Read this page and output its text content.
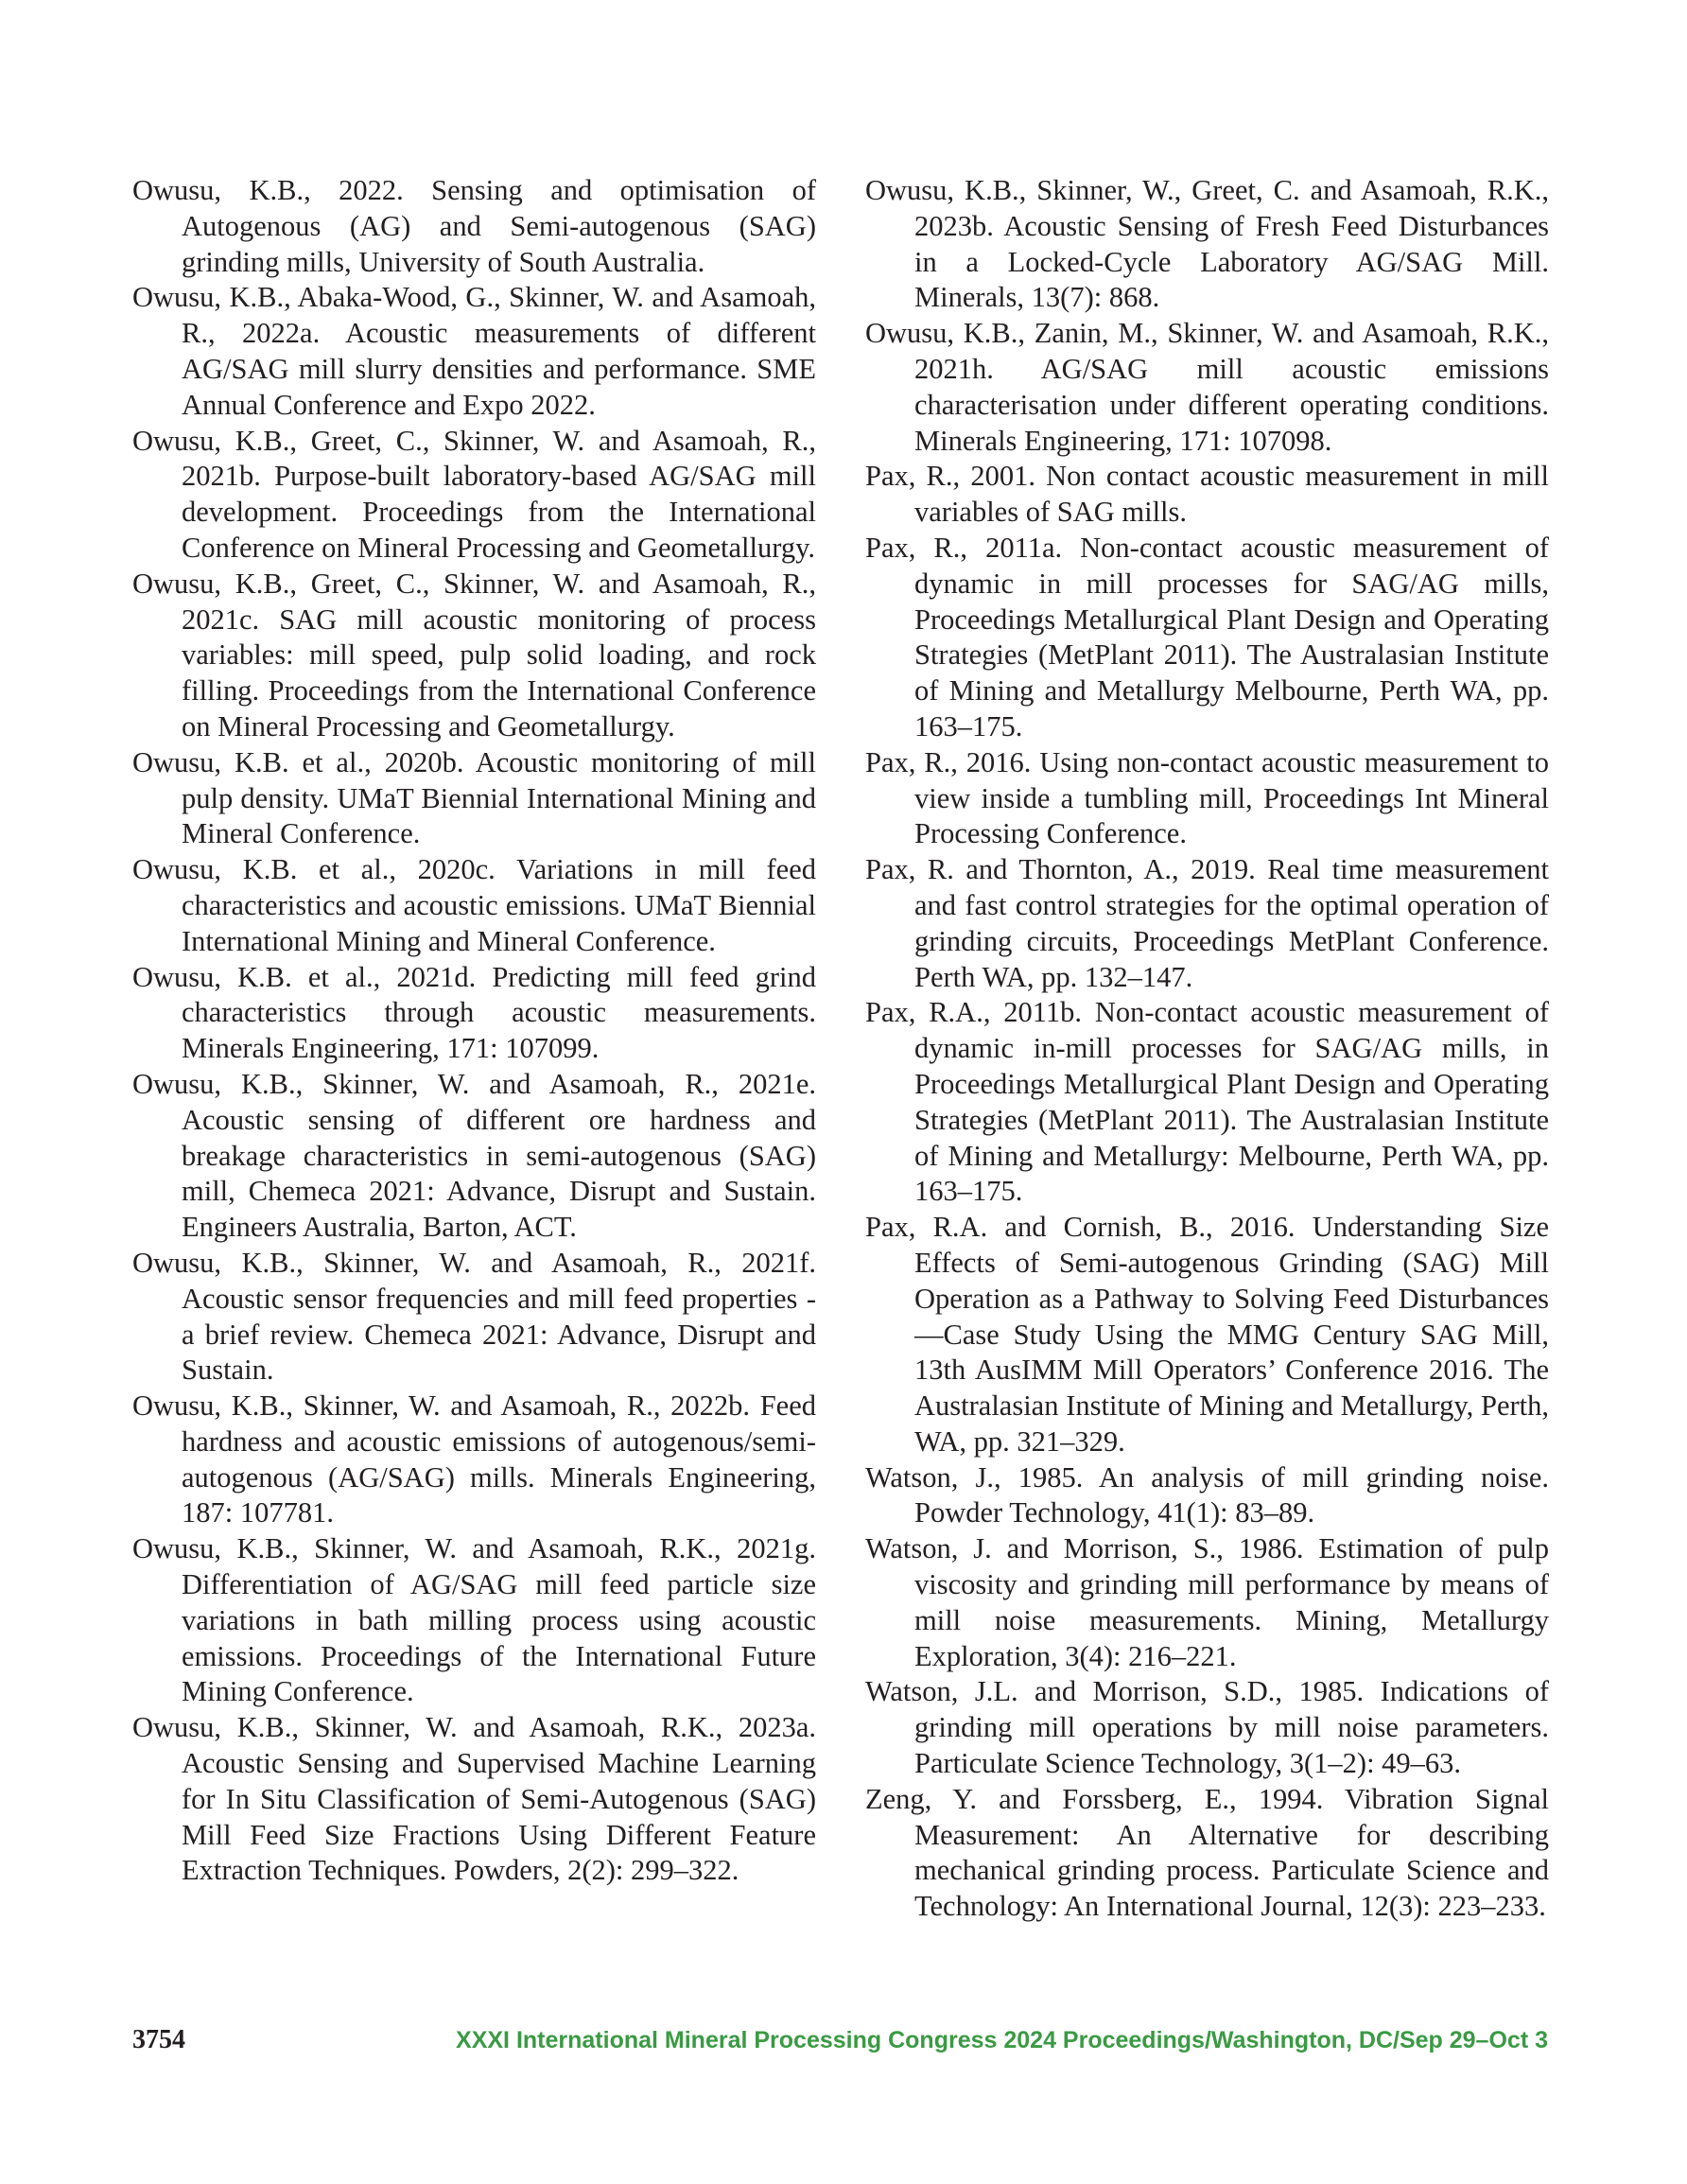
Owusu, K.B., 2022. Sensing and optimisation of Autogenous (AG) and Semi-autogenous (SAG) grinding mills, University of South Australia.

Owusu, K.B., Abaka-Wood, G., Skinner, W. and Asamoah, R., 2022a. Acoustic measurements of different AG/SAG mill slurry densities and performance. SME Annual Conference and Expo 2022.

Owusu, K.B., Greet, C., Skinner, W. and Asamoah, R., 2021b. Purpose-built laboratory-based AG/SAG mill development. Proceedings from the International Conference on Mineral Processing and Geometallurgy.

Owusu, K.B., Greet, C., Skinner, W. and Asamoah, R., 2021c. SAG mill acoustic monitoring of process variables: mill speed, pulp solid loading, and rock filling. Proceedings from the International Conference on Mineral Processing and Geometallurgy.

Owusu, K.B. et al., 2020b. Acoustic monitoring of mill pulp density. UMaT Biennial International Mining and Mineral Conference.

Owusu, K.B. et al., 2020c. Variations in mill feed characteristics and acoustic emissions. UMaT Biennial International Mining and Mineral Conference.

Owusu, K.B. et al., 2021d. Predicting mill feed grind characteristics through acoustic measurements. Minerals Engineering, 171: 107099.

Owusu, K.B., Skinner, W. and Asamoah, R., 2021e. Acoustic sensing of different ore hardness and breakage characteristics in semi-autogenous (SAG) mill, Chemeca 2021: Advance, Disrupt and Sustain. Engineers Australia, Barton, ACT.

Owusu, K.B., Skinner, W. and Asamoah, R., 2021f. Acoustic sensor frequencies and mill feed properties - a brief review. Chemeca 2021: Advance, Disrupt and Sustain.

Owusu, K.B., Skinner, W. and Asamoah, R., 2022b. Feed hardness and acoustic emissions of autogenous/semi-autogenous (AG/SAG) mills. Minerals Engineering, 187: 107781.

Owusu, K.B., Skinner, W. and Asamoah, R.K., 2021g. Differentiation of AG/SAG mill feed particle size variations in bath milling process using acoustic emissions. Proceedings of the International Future Mining Conference.

Owusu, K.B., Skinner, W. and Asamoah, R.K., 2023a. Acoustic Sensing and Supervised Machine Learning for In Situ Classification of Semi-Autogenous (SAG) Mill Feed Size Fractions Using Different Feature Extraction Techniques. Powders, 2(2): 299–322.

Owusu, K.B., Skinner, W., Greet, C. and Asamoah, R.K., 2023b. Acoustic Sensing of Fresh Feed Disturbances in a Locked-Cycle Laboratory AG/SAG Mill. Minerals, 13(7): 868.

Owusu, K.B., Zanin, M., Skinner, W. and Asamoah, R.K., 2021h. AG/SAG mill acoustic emissions characterisation under different operating conditions. Minerals Engineering, 171: 107098.

Pax, R., 2001. Non contact acoustic measurement in mill variables of SAG mills.

Pax, R., 2011a. Non-contact acoustic measurement of dynamic in mill processes for SAG/AG mills, Proceedings Metallurgical Plant Design and Operating Strategies (MetPlant 2011). The Australasian Institute of Mining and Metallurgy Melbourne, Perth WA, pp. 163–175.

Pax, R., 2016. Using non-contact acoustic measurement to view inside a tumbling mill, Proceedings Int Mineral Processing Conference.

Pax, R. and Thornton, A., 2019. Real time measurement and fast control strategies for the optimal operation of grinding circuits, Proceedings MetPlant Conference. Perth WA, pp. 132–147.

Pax, R.A., 2011b. Non-contact acoustic measurement of dynamic in-mill processes for SAG/AG mills, in Proceedings Metallurgical Plant Design and Operating Strategies (MetPlant 2011). The Australasian Institute of Mining and Metallurgy: Melbourne, Perth WA, pp. 163–175.

Pax, R.A. and Cornish, B., 2016. Understanding Size Effects of Semi-autogenous Grinding (SAG) Mill Operation as a Pathway to Solving Feed Disturbances—Case Study Using the MMG Century SAG Mill, 13th AusIMM Mill Operators’ Conference 2016. The Australasian Institute of Mining and Metallurgy, Perth, WA, pp. 321–329.

Watson, J., 1985. An analysis of mill grinding noise. Powder Technology, 41(1): 83–89.

Watson, J. and Morrison, S., 1986. Estimation of pulp viscosity and grinding mill performance by means of mill noise measurements. Mining, Metallurgy Exploration, 3(4): 216–221.

Watson, J.L. and Morrison, S.D., 1985. Indications of grinding mill operations by mill noise parameters. Particulate Science Technology, 3(1–2): 49–63.

Zeng, Y. and Forssberg, E., 1994. Vibration Signal Measurement: An Alternative for describing mechanical grinding process. Particulate Science and Technology: An International Journal, 12(3): 223–233.

3754	XXXI International Mineral Processing Congress 2024 Proceedings/Washington, DC/Sep 29–Oct 3
